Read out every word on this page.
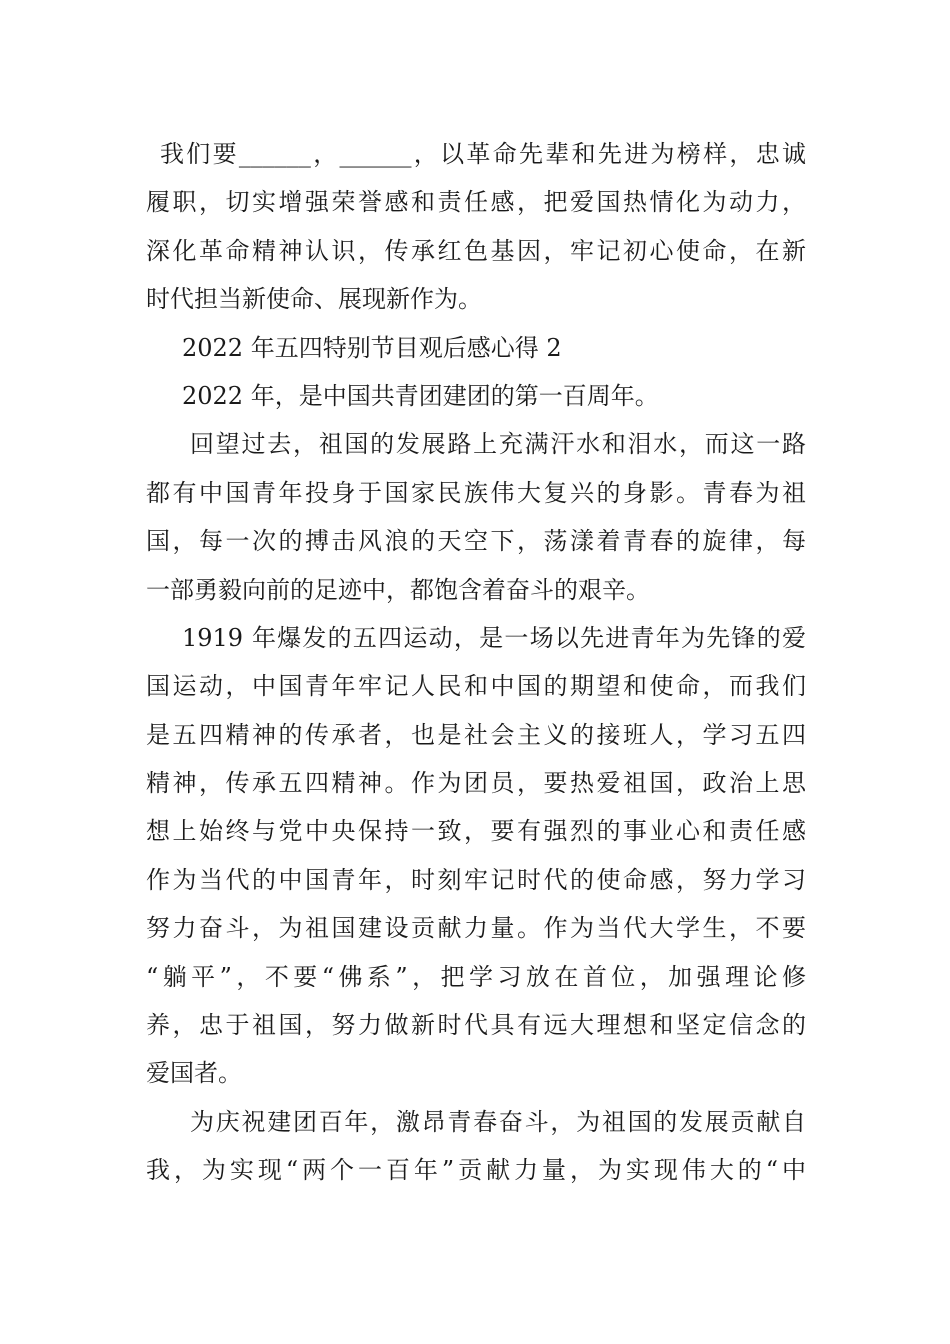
我们要______，______，以革命先辈和先进为榜样，忠诚
履职，切实增强荣誉感和责任感，把爱国热情化为动力，
深化革命精神认识，传承红色基因，牢记初心使命，在新
时代担当新使命、展现新作为。
2022 年五四特别节目观后感心得 2
2022 年，是中国共青团建团的第一百周年。
回望过去，祖国的发展路上充满汗水和泪水，而这一路
都有中国青年投身于国家民族伟大复兴的身影。青春为祖
国，每一次的搏击风浪的天空下，荡漾着青春的旋律，每
一部勇毅向前的足迹中，都饱含着奋斗的艰辛。
1919 年爆发的五四运动，是一场以先进青年为先锋的爱
国运动，中国青年牢记人民和中国的期望和使命，而我们
是五四精神的传承者，也是社会主义的接班人，学习五四
精神，传承五四精神。作为团员，要热爱祖国，政治上思
想上始终与党中央保持一致，要有强烈的事业心和责任感
作为当代的中国青年，时刻牢记时代的使命感，努力学习
努力奋斗，为祖国建设贡献力量。作为当代大学生，不要
“躺平”，不要“佛系”，把学习放在首位，加强理论修
养，忠于祖国，努力做新时代具有远大理想和坚定信念的
爱国者。
为庆祝建团百年，激昂青春奋斗，为祖国的发展贡献自
我，为实现“两个一百年”贡献力量，为实现伟大的“中
